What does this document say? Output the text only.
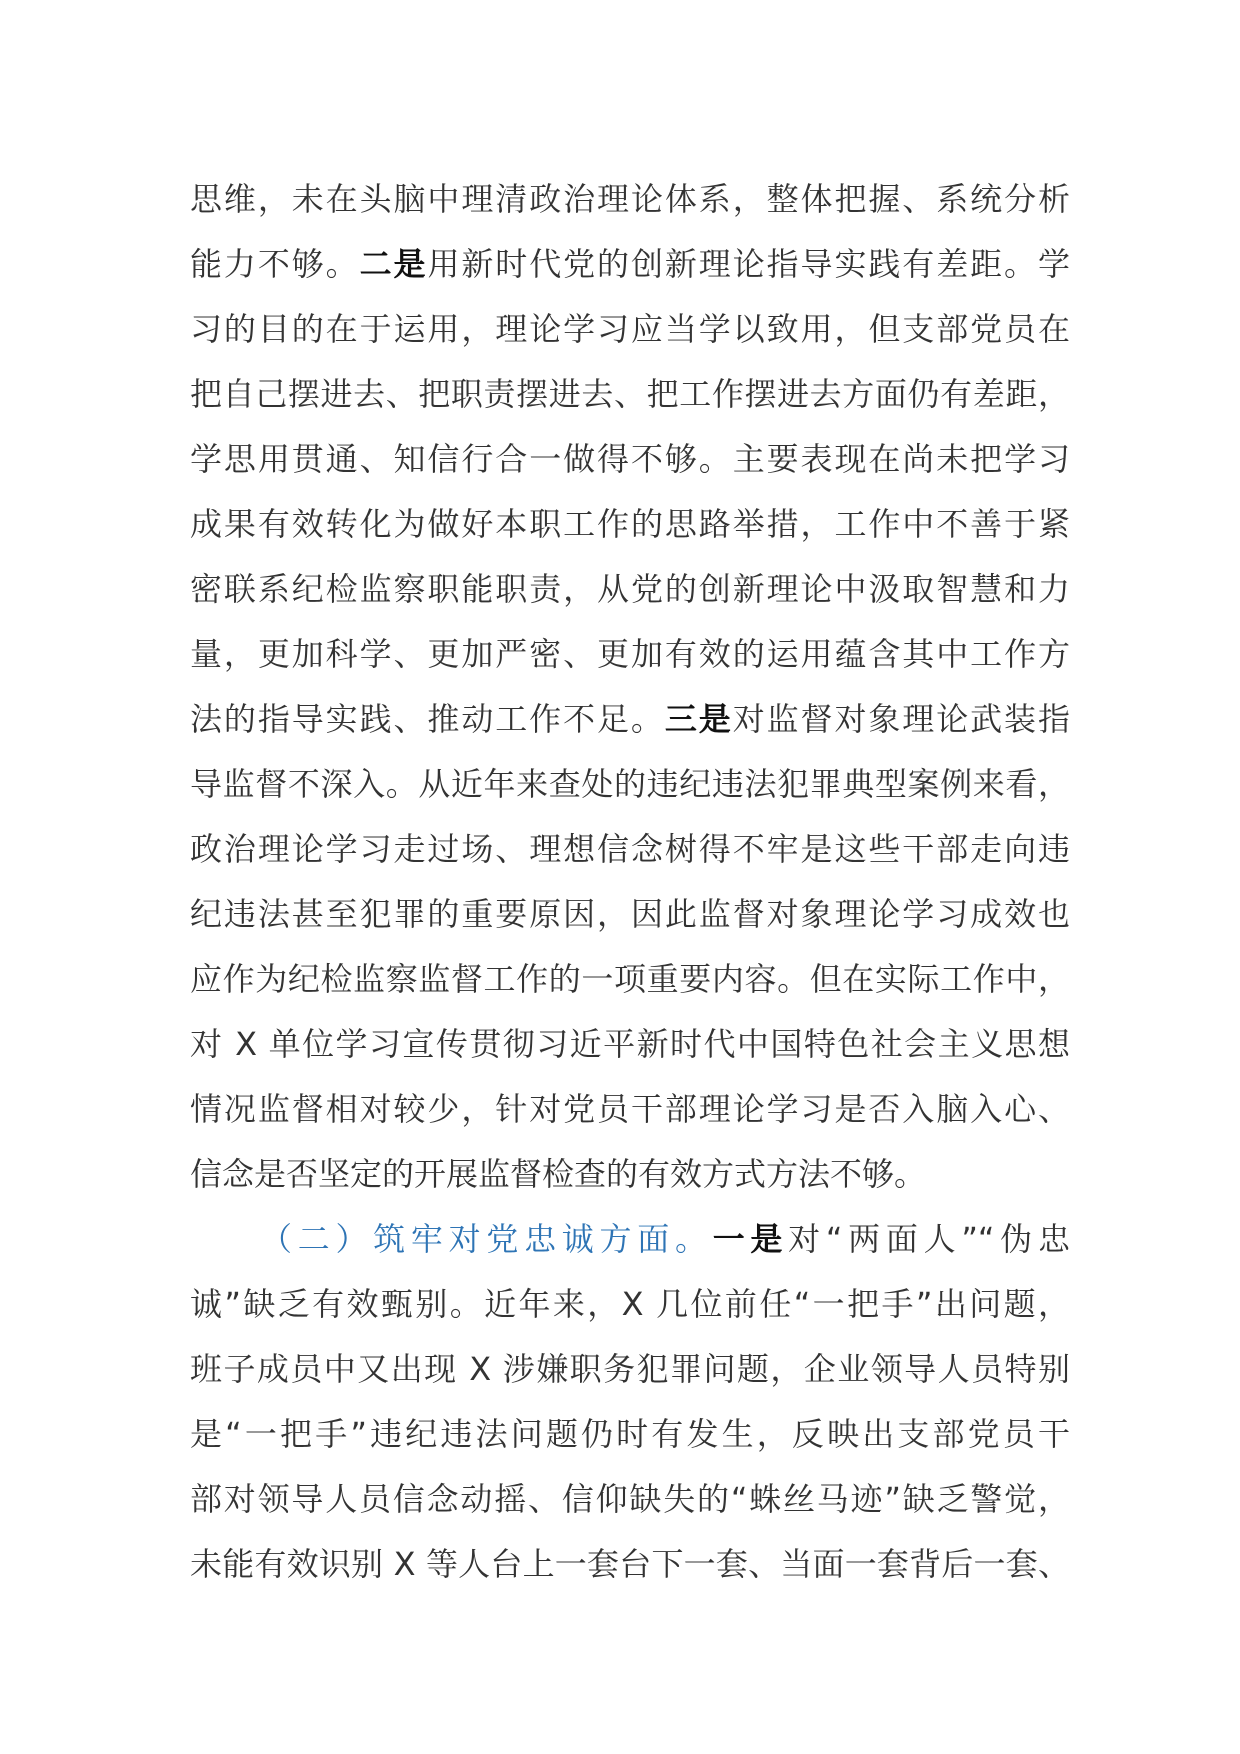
思维，未在头脑中理清政治理论体系，整体把握、系统分析
能力不够。二是用新时代党的创新理论指导实践有差距。学
习的目的在于运用，理论学习应当学以致用，但支部党员在
把自己摆进去、把职责摆进去、把工作摆进去方面仍有差距，
学思用贯通、知信行合一做得不够。主要表现在尚未把学习
成果有效转化为做好本职工作的思路举措，工作中不善于紧
密联系纪检监察职能职责，从党的创新理论中汲取智慧和力
量，更加科学、更加严密、更加有效的运用蕴含其中工作方
法的指导实践、推动工作不足。三是对监督对象理论武装指
导监督不深入。从近年来查处的违纪违法犯罪典型案例来看，
政治理论学习走过场、理想信念树得不牢是这些干部走向违
纪违法甚至犯罪的重要原因，因此监督对象理论学习成效也
应作为纪检监察监督工作的一项重要内容。但在实际工作中，
对 X 单位学习宣传贯彻习近平新时代中国特色社会主义思想
情况监督相对较少，针对党员干部理论学习是否入脑入心、
信念是否坚定的开展监督检查的有效方式方法不够。
（二）筑牢对党忠诚方面。一是对“两面人”“伪忠
诚”缺乏有效甄别。近年来，X 几位前任“一把手”出问题，
班子成员中又出现 X 涉嫌职务犯罪问题，企业领导人员特别
是“一把手”违纪违法问题仍时有发生，反映出支部党员干
部对领导人员信念动摇、信仰缺失的“蛛丝马迹”缺乏警觉，
未能有效识别 X 等人台上一套台下一套、当面一套背后一套、
